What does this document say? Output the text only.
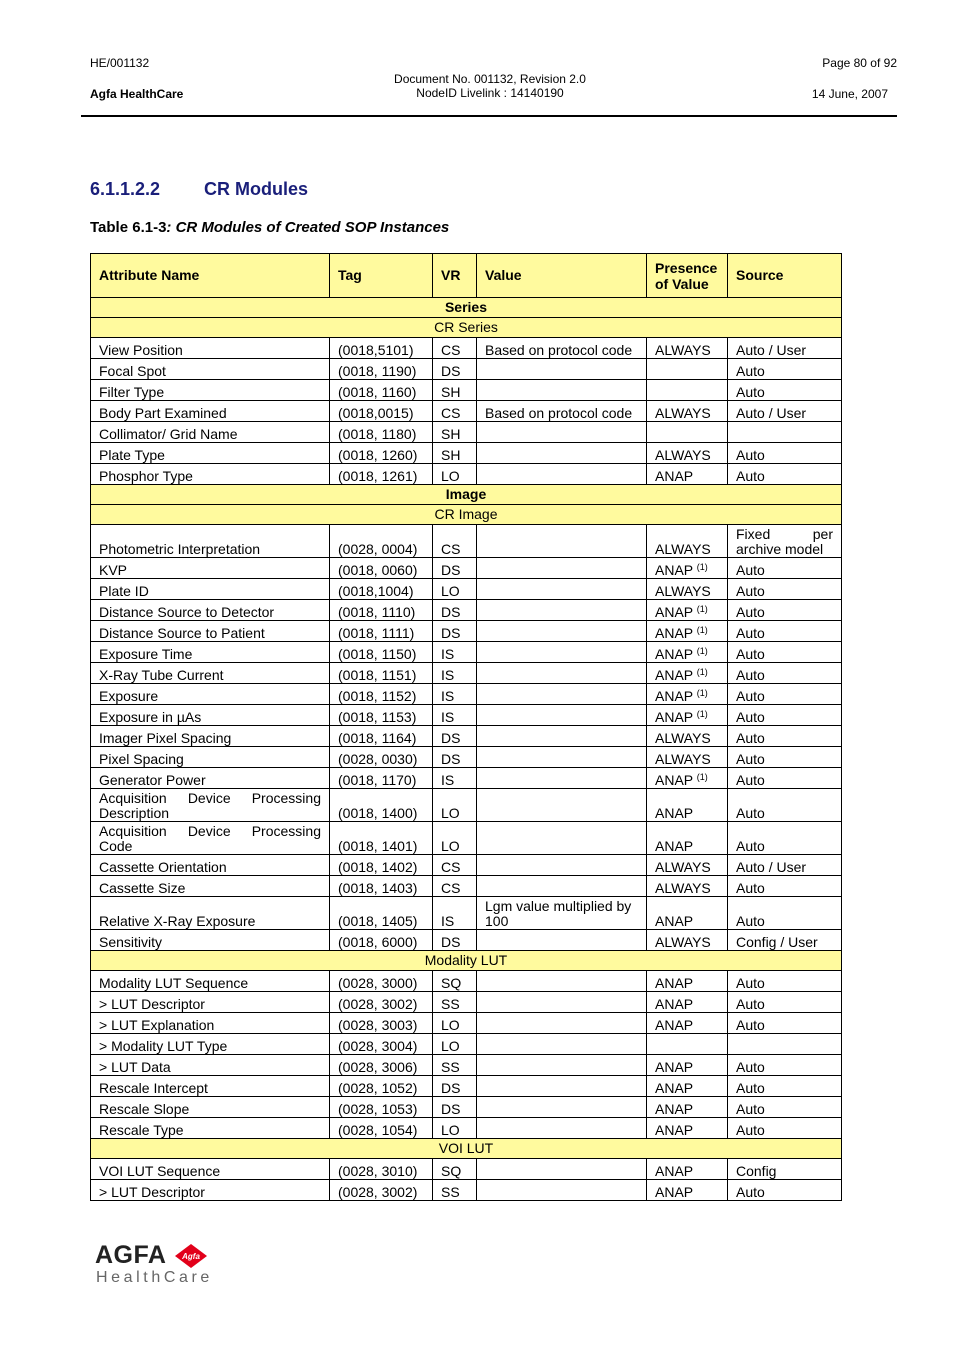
HE/001132
Agfa HealthCare
Document No. 001132, Revision 2.0
NodeID Livelink : 14140190
Page 80 of 92
14 June, 2007
6.1.1.2.2 CR Modules
Table 6.1-3: CR Modules of Created SOP Instances
Attribute Name	Tag	VR	Value	Presence of Value	Source
Series					
CR Series					
View Position	(0018,5101)	CS	Based on protocol code	ALWAYS	Auto / User
Focal Spot	(0018, 1190)	DS			Auto
Filter Type	(0018, 1160)	SH			Auto
Body Part Examined	(0018,0015)	CS	Based on protocol code	ALWAYS	Auto / User
Collimator/ Grid Name	(0018, 1180)	SH			
Plate Type	(0018, 1260)	SH		ALWAYS	Auto
Phosphor Type	(0018, 1261)	LO		ANAP	Auto
Image					
CR Image					
Photometric Interpretation	(0028, 0004)	CS		ALWAYS	Fixed per
archive model

KVP	(0018, 0060)	DS		ANAP $^{(1)}$	Auto
Plate ID	(0018,1004)	LO		ALWAYS	Auto
Distance Source to Detector	(0018, 1110)	DS		ANAP $^{(1)}$	Auto
Distance Source to Patient	(0018, 1111)	DS		ANAP $^{(1)}$	Auto
Exposure Time	(0018, 1150)	IS		ANAP $^{(1)}$	Auto
X-Ray Tube Current	(0018, 1151)	IS		ANAP $^{(1)}$	Auto
Exposure	(0018, 1152)	IS		ANAP $^{(1)}$	Auto
Exposure in µAs	(0018, 1153)	IS		ANAP $^{(1)}$	Auto
Imager Pixel Spacing	(0018, 1164)	DS		ALWAYS	Auto
Pixel Spacing	(0028, 0030)	DS		ALWAYS	Auto
Generator Power	(0018, 1170)	IS		ANAP $^{(1)}$	Auto

Acquisition Device Processing
Description	(0018, 1400)	LO		ANAP	Auto

Acquisition Device Processing
Code	(0018, 1401)	LO		ANAP	Auto
Cassette Orientation	(0018, 1402)	CS		ALWAYS	Auto / User
Cassette Size	(0018, 1403)	CS		ALWAYS	Auto
Relative X-Ray Exposure	(0018, 1405)	IS	Lgm value multiplied by
100	ANAP	Auto
Sensitivity	(0018, 6000)	DS		ALWAYS	Config / User
Modality LUT					
Modality LUT Sequence	(0028, 3000)	SQ		ANAP	Auto
> LUT Descriptor	(0028, 3002)	SS		ANAP	Auto
> LUT Explanation	(0028, 3003)	LO		ANAP	Auto
> Modality LUT Type	(0028, 3004)	LO			
> LUT Data	(0028, 3006)	SS		ANAP	Auto
Rescale Intercept	(0028, 1052)	DS		ANAP	Auto
Rescale Slope	(0028, 1053)	DS		ANAP	Auto
Rescale Type	(0028, 1054)	LO		ANAP	Auto
VOI LUT					
VOI LUT Sequence	(0028, 3010)	SQ		ANAP	Config
> LUT Descriptor	(0028, 3002)	SS		ANAP	Auto
AGFA Agfa
HealthCare
